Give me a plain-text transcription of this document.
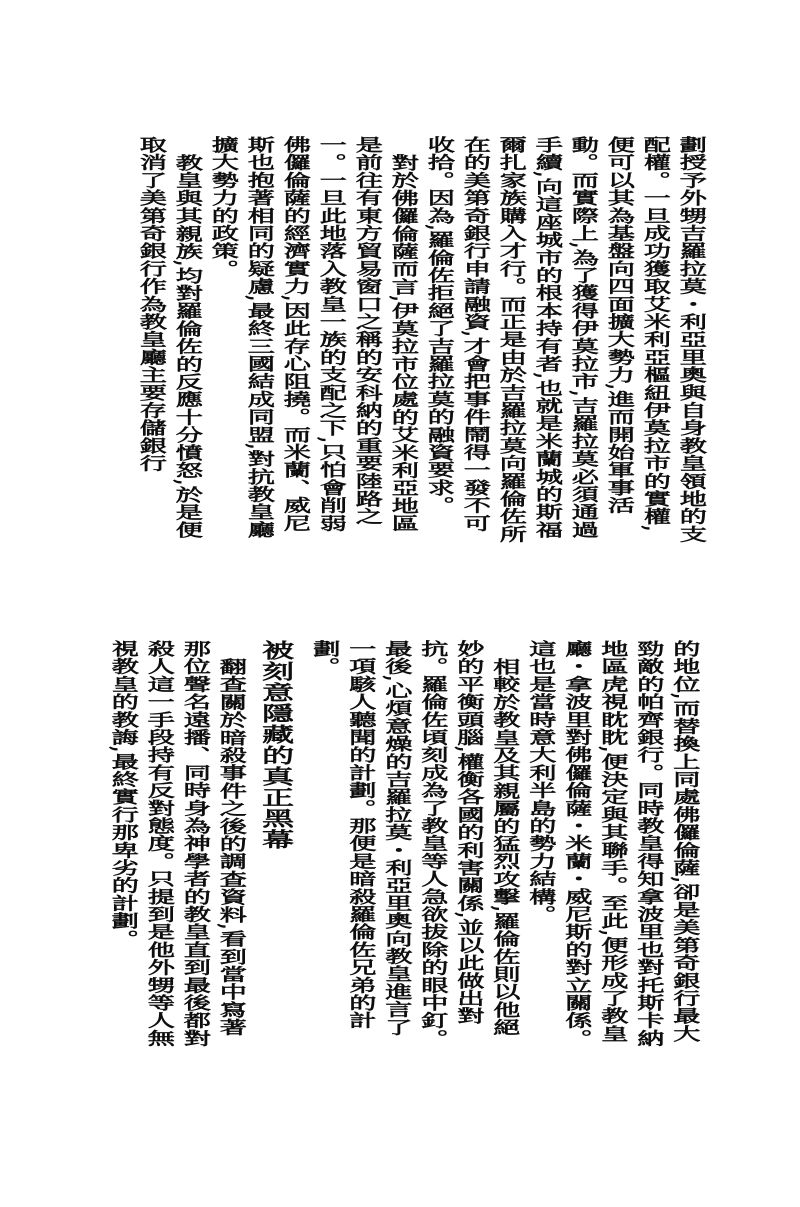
劃授予外甥吉羅拉莫・利亞里奧與自身教皇領地的支配權。一旦成功獲取艾米利亞樞紐伊莫拉市的實權,便可以其為基盤向四面擴大勢力,進而開始軍事活動。而實際上,為了獲得伊莫拉市,吉羅拉莫必須通過手續,向這座城市的根本持有者,也就是米蘭城的斯福爾扎家族購入才行。而正是由於吉羅拉莫向羅倫佐所在的美第奇銀行申請融資,才會把事件鬧得一發不可收拾。因為,羅倫佐拒絕了吉羅拉莫的融資要求。

對於佛儸倫薩而言,伊莫拉市位處的艾米利亞地區是前往有東方貿易窗口之稱的安科納的重要陸路之一。一旦此地落入教皇一族的支配之下,只怕會削弱佛儸倫薩的經濟實力,因此存心阻撓。而米蘭、威尼斯也抱著相同的疑慮,最終三國結成同盟,對抗教皇廳擴大勢力的政策。

教皇與其親族,均對羅倫佐的反應十分憤怒,於是便取消了美第奇銀行作為教皇廳主要存儲銀行

的地位,而替換上同處佛儸倫薩,卻是美第奇銀行最大勁敵的帕齊銀行。同時教皇得知拿波里也對托斯卡納地區虎視眈眈,便決定與其聯手。至此,便形成了教皇廳・拿波里對佛儸倫薩・米蘭・威尼斯的對立關係。這也是當時意大利半島的勢力結構。

相較於教皇及其親屬的猛烈攻擊,羅倫佐則以他絕妙的平衡頭腦,權衡各國的利害關係,並以此做出對抗。羅倫佐頃刻成為了教皇等人急欲拔除的眼中釘。最後,心煩意燥的吉羅拉莫・利亞里奧向教皇進言了一項駭人聽聞的計劃。那便是暗殺羅倫佐兄弟的計劃。

被刻意隱藏的真正黑幕

翻查關於暗殺事件之後的調查資料,看到當中寫著那位聲名遠播、同時身為神學者的教皇直到最後都對殺人這一手段持有反對態度。只提到是他外甥等人無視教皇的教誨,最終實行那卑劣的計劃。
